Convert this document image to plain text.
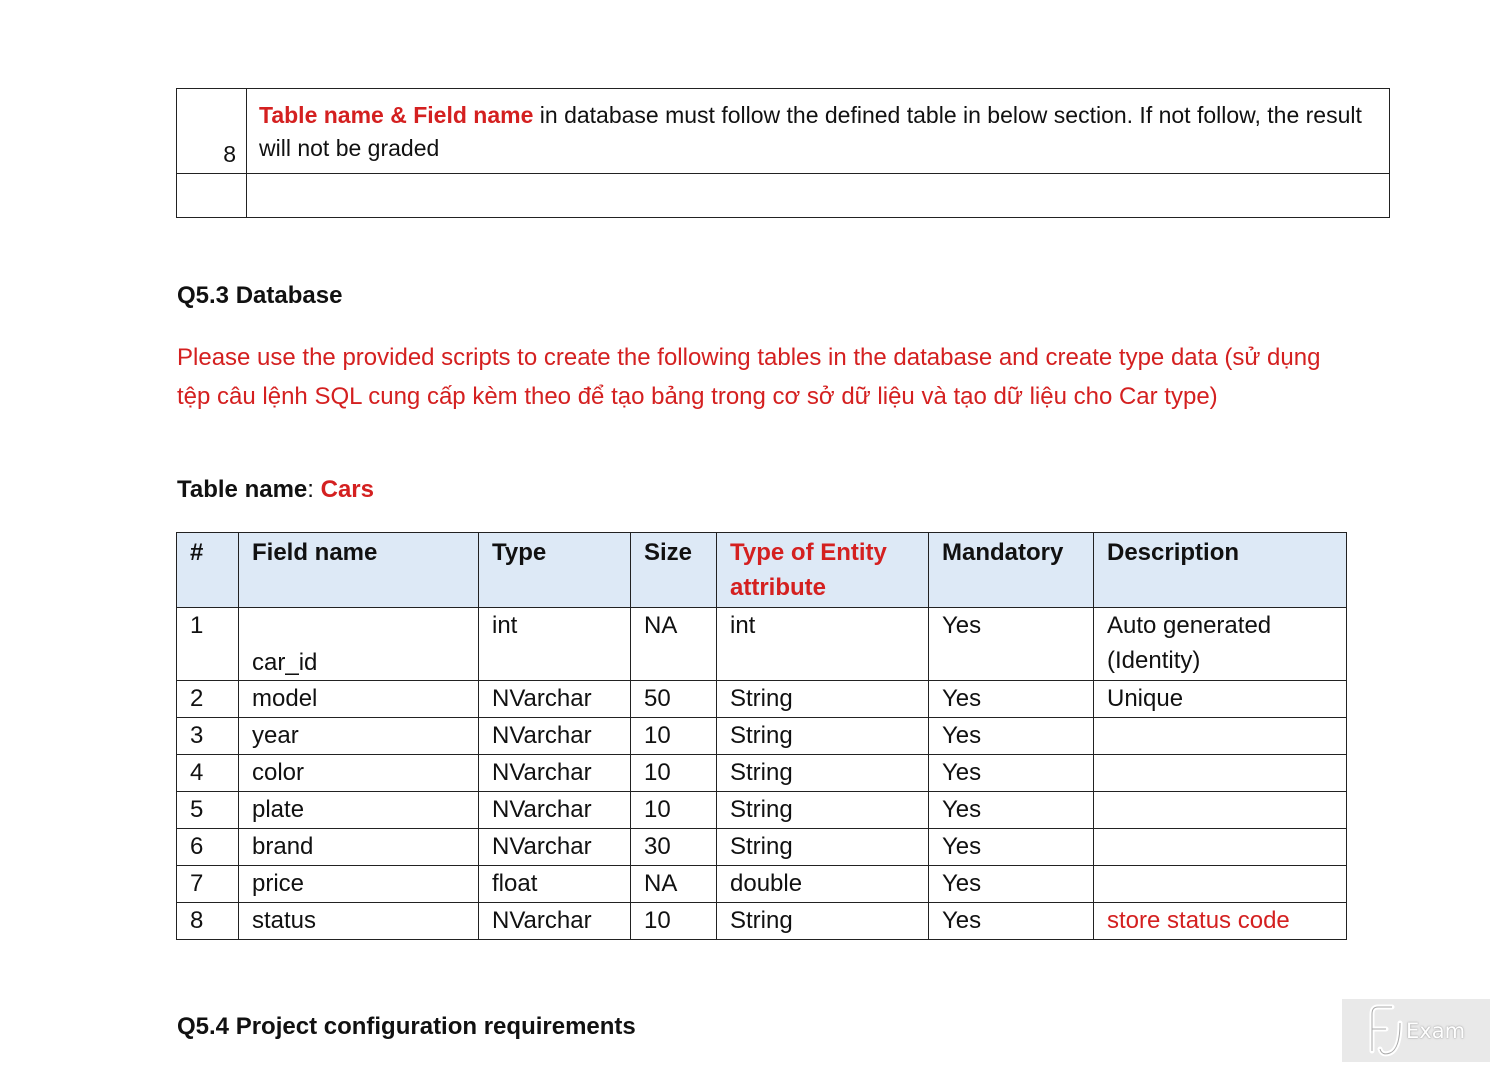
8	Table name & Field name in database must follow the defined table in below section. If not follow, the result will not be graded

Q5.3 Database
Please use the provided scripts to create the following tables in the database and create type data (sử dụng tệp câu lệnh SQL cung cấp kèm theo để tạo bảng trong cơ sở dữ liệu và tạo dữ liệu cho Car type)
Table name: Cars
#	Field name	Type	Size	Type of Entity attribute	Mandatory	Description
1	car_id	int	NA	int	Yes	Auto generated (Identity)
2	model	NVarchar	50	String	Yes	Unique
3	year	NVarchar	10	String	Yes	
4	color	NVarchar	10	String	Yes	
5	plate	NVarchar	10	String	Yes	
6	brand	NVarchar	30	String	Yes	
7	price	float	NA	double	Yes	
8	status	NVarchar	10	String	Yes	store status code
Q5.4 Project configuration requirements	Exam
